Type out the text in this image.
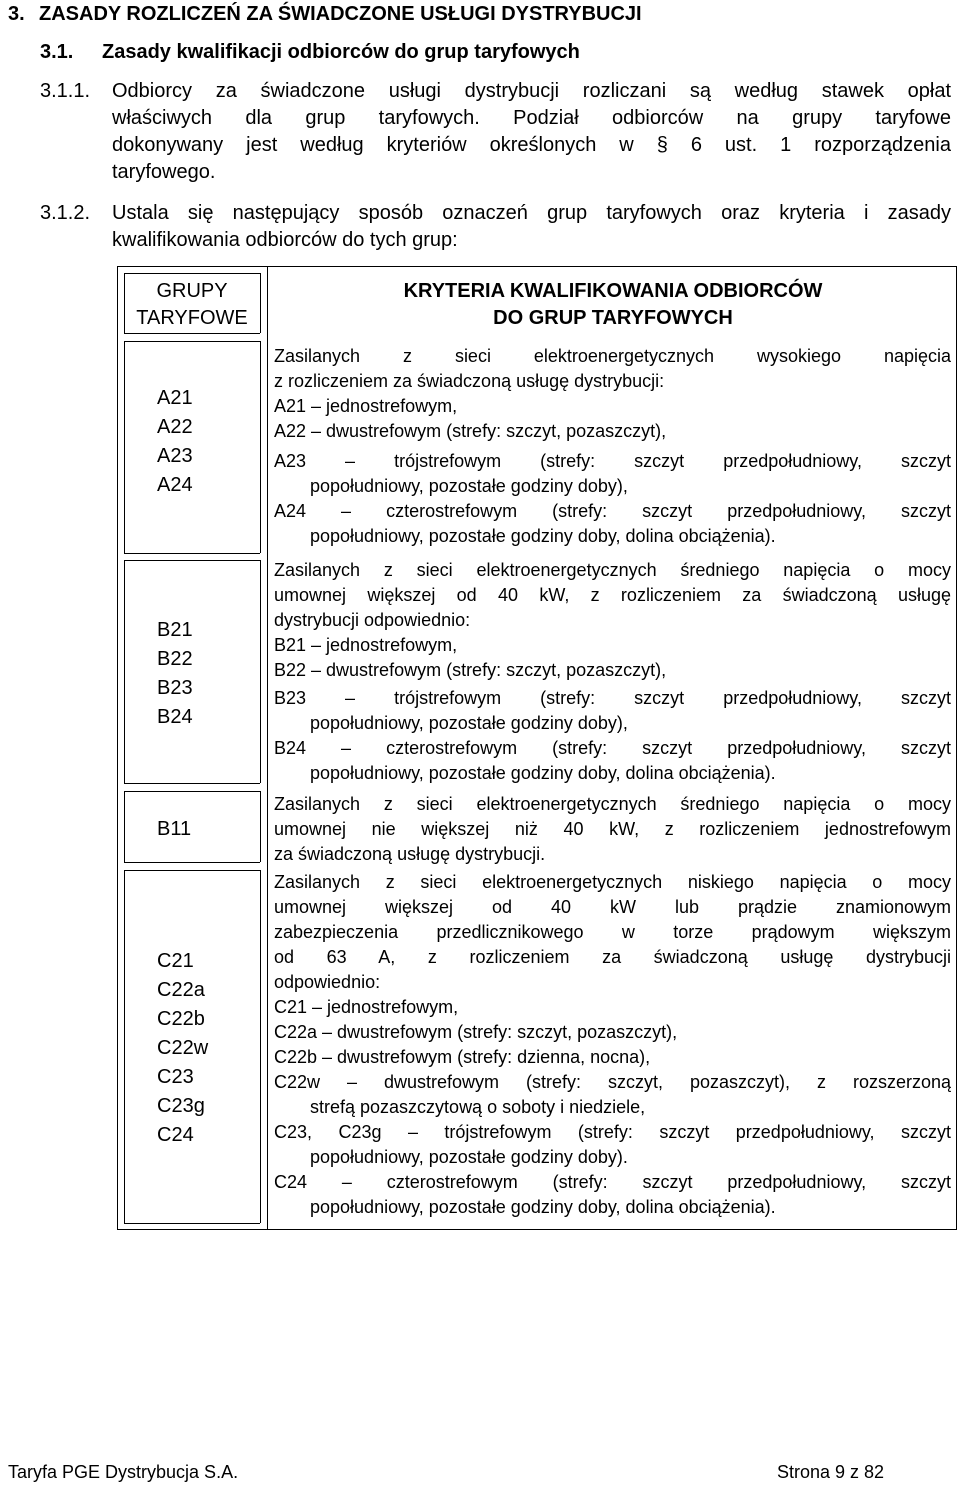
3. ZASADY ROZLICZEŃ ZA ŚWIADCZONE USŁUGI DYSTRYBUCJI
3.1. Zasady kwalifikacji odbiorców do grup taryfowych
3.1.1. Odbiorcy za świadczone usługi dystrybucji rozliczani są według stawek opłat
właściwych dla grup taryfowych. Podział odbiorców na grupy taryfowe
dokonywany jest według kryteriów określonych w § 6 ust. 1 rozporządzenia
taryfowego.
3.1.2. Ustala się następujący sposób oznaczeń grup taryfowych oraz kryteria i zasady
kwalifikowania odbiorców do tych grup:
GRUPY
TARYFOWE
KRYTERIA KWALIFIKOWANIA ODBIORCÓW
DO GRUP TARYFOWYCH
A21
A22
A23
A24
Zasilanych z sieci elektroenergetycznych wysokiego napięcia
z rozliczeniem za świadczoną usługę dystrybucji:
A21 – jednostrefowym,
A22 – dwustrefowym (strefy: szczyt, pozaszczyt),
A23 – trójstrefowym (strefy: szczyt przedpołudniowy, szczyt
popołudniowy, pozostałe godziny doby),
A24 – czterostrefowym (strefy: szczyt przedpołudniowy, szczyt
popołudniowy, pozostałe godziny doby, dolina obciążenia).
B21
B22
B23
B24
Zasilanych z sieci elektroenergetycznych średniego napięcia o mocy
umownej większej od 40 kW, z rozliczeniem za świadczoną usługę
dystrybucji odpowiednio:
B21 – jednostrefowym,
B22 – dwustrefowym (strefy: szczyt, pozaszczyt),
B23 – trójstrefowym (strefy: szczyt przedpołudniowy, szczyt
popołudniowy, pozostałe godziny doby),
B24 – czterostrefowym (strefy: szczyt przedpołudniowy, szczyt
popołudniowy, pozostałe godziny doby, dolina obciążenia).
B11
Zasilanych z sieci elektroenergetycznych średniego napięcia o mocy
umownej nie większej niż 40 kW, z rozliczeniem jednostrefowym
za świadczoną usługę dystrybucji.
C21
C22a
C22b
C22w
C23
C23g
C24
Zasilanych z sieci elektroenergetycznych niskiego napięcia o mocy
umownej większej od 40 kW lub prądzie znamionowym
zabezpieczenia przedlicznikowego w torze prądowym większym
od 63 A, z rozliczeniem za świadczoną usługę dystrybucji
odpowiednio:
C21 – jednostrefowym,
C22a – dwustrefowym (strefy: szczyt, pozaszczyt),
C22b – dwustrefowym (strefy: dzienna, nocna),
C22w – dwustrefowym (strefy: szczyt, pozaszczyt), z rozszerzoną
strefą pozaszczytową o soboty i niedziele,
C23, C23g – trójstrefowym (strefy: szczyt przedpołudniowy, szczyt
popołudniowy, pozostałe godziny doby).
C24 – czterostrefowym (strefy: szczyt przedpołudniowy, szczyt
popołudniowy, pozostałe godziny doby, dolina obciążenia).
Taryfa PGE Dystrybucja S.A.	Strona 9 z 82
